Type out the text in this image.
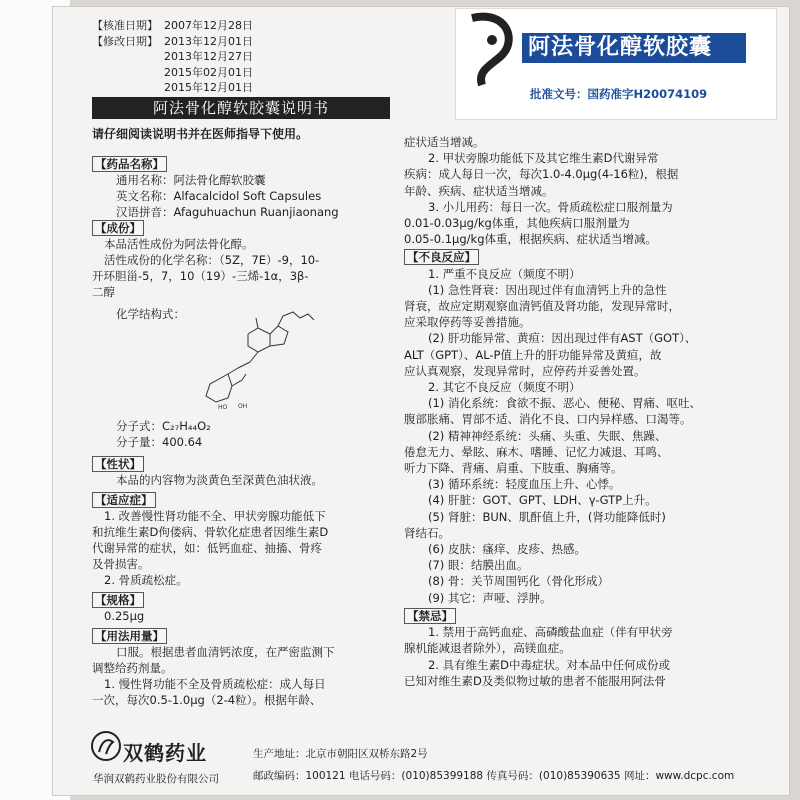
【核准日期】 2007年12月28日
【修改日期】 2013年12月01日
2013年12月27日
2015年02月01日
2015年12月01日
阿法骨化醇软胶囊
批准文号：国药准字H20074109
阿法骨化醇软胶囊说明书
请仔细阅读说明书并在医师指导下使用。
【药品名称】
通用名称：阿法骨化醇软胶囊
英文名称：Alfacalcidol Soft Capsules
汉语拼音：Afaguhuachun Ruanjiaonang
【成份】
本品活性成份为阿法骨化醇。
活性成份的化学名称：（5Z，7E）-9，10-
开环胆甾-5，7，10（19）-三烯-1α，3β-
二醇
化学结构式：
HO OH
分子式：C₂₇H₄₄O₂
分子量：400.64
【性状】
本品的内容物为淡黄色至深黄色油状液。
【适应症】
1. 改善慢性肾功能不全、甲状旁腺功能低下
和抗维生素D佝偻病、骨软化症患者因维生素D
代谢异常的症状，如：低钙血症、抽搐、骨疼
及骨损害。
2. 骨质疏松症。
【规格】
0.25μg
【用法用量】
口服。根据患者血清钙浓度，在严密监测下
调整给药剂量。
1. 慢性肾功能不全及骨质疏松症：成人每日
一次，每次0.5-1.0μg（2-4粒）。根据年龄、
症状适当增减。
2. 甲状旁腺功能低下及其它维生素D代谢异常
疾病：成人每日一次，每次1.0-4.0μg(4-16粒)，根据
年龄、疾病、症状适当增减。
3. 小儿用药：每日一次。骨质疏松症口服剂量为
0.01-0.03μg/kg体重，其他疾病口服剂量为
0.05-0.1μg/kg体重，根据疾病、症状适当增减。
【不良反应】
1. 严重不良反应（频度不明）
(1) 急性肾衰：因出现过伴有血清钙上升的急性
肾衰，故应定期观察血清钙值及肾功能，发现异常时，
应采取停药等妥善措施。
(2) 肝功能异常、黄疸：因出现过伴有AST（GOT）、
ALT（GPT）、AL-P值上升的肝功能异常及黄疸，故
应认真观察，发现异常时，应停药并妥善处置。
2. 其它不良反应（频度不明）
(1) 消化系统：食欲不振、恶心、便秘、胃痛、呕吐、
腹部胀痛、胃部不适、消化不良、口内异样感、口渴等。
(2) 精神神经系统：头痛、头重、失眠、焦躁、
倦怠无力、晕眩、麻木、嗜睡、记忆力减退、耳鸣、
听力下降、背痛、肩重、下肢重、胸痛等。
(3) 循环系统：轻度血压上升、心悸。
(4) 肝脏：GOT、GPT、LDH、γ-GTP上升。
(5) 肾脏：BUN、肌酐值上升，(肾功能降低时)
肾结石。
(6) 皮肤：瘙痒、皮疹、热感。
(7) 眼：结膜出血。
(8) 骨：关节周围钙化（骨化形成）
(9) 其它：声哑、浮肿。
【禁忌】
1. 禁用于高钙血症、高磷酸盐血症（伴有甲状旁
腺机能减退者除外），高镁血症。
2. 具有维生素D中毒症状。对本品中任何成份或
已知对维生素D及类似物过敏的患者不能服用阿法骨
双鹤药业
华润双鹤药业股份有限公司
生产地址：北京市朝阳区双桥东路2号
邮政编码：100121 电话号码：(010)85399188 传真号码：(010)85390635 网址：www.dcpc.com
